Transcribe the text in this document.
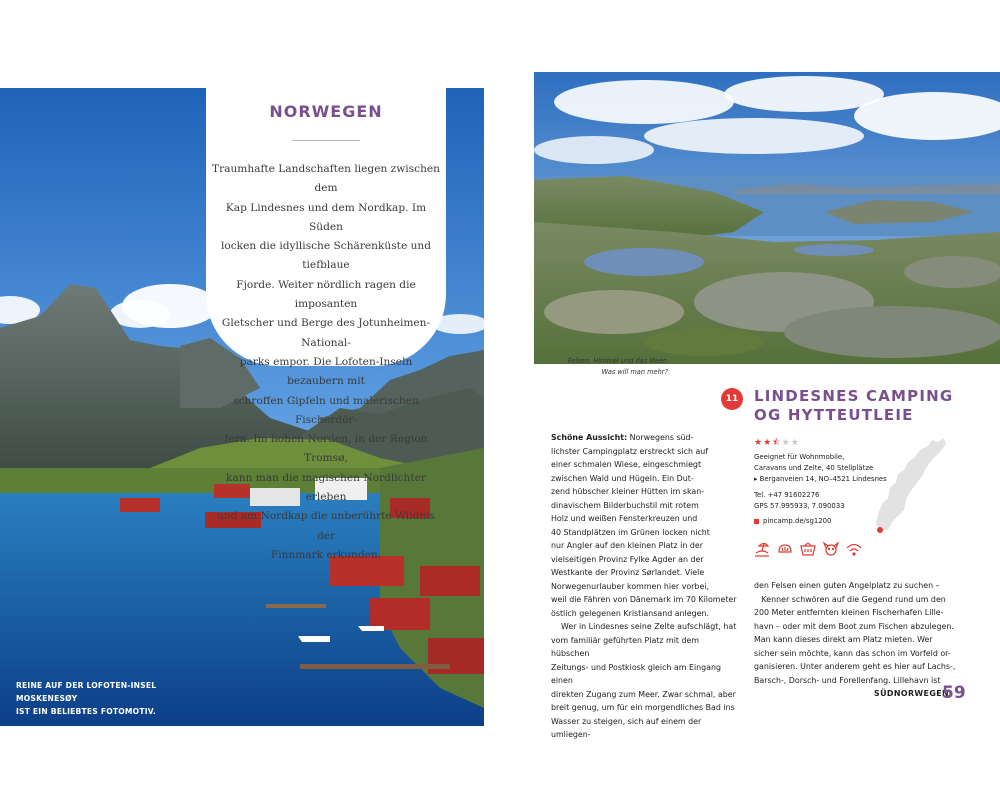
NORWEGEN
Traumhafte Landschaften liegen zwischen dem
Kap Lindesnes und dem Nordkap. Im Süden
locken die idyllische Schärenküste und tiefblaue
Fjorde. Weiter nördlich ragen die imposanten
Gletscher und Berge des Jotunheimen-National-
parks empor. Die Lofoten-Inseln bezaubern mit
schroffen Gipfeln und malerischen Fischerdör-
fern. Im hohen Norden, in der Region Tromsø,
kann man die magischen Nordlichter erleben
und am Nordkap die unberührte Wildnis der
Finnmark erkunden.
REINE AUF DER LOFOTEN-INSEL MOSKENESØY
IST EIN BELIEBTES FOTOMOTIV.
Felsen, Himmel und das Meer:
Was will man mehr?
11	LINDESNES CAMPING
OG HYTTEUTLEIE

Schöne Aussicht: Norwegens süd-

lichster Campingplatz erstreckt sich auf

einer schmalen Wiese, eingeschmiegt

zwischen Wald und Hügeln. Ein Dut-

zend hübscher kleiner Hütten im skan-

dinavischem Bilderbuchstil mit rotem

Holz und weißen Fensterkreuzen und

40 Standplätzen im Grünen locken nicht

nur Angler auf den kleinen Platz in der

vielseitigen Provinz Fylke Agder an der

Westkante der Provinz Sørlandet. Viele

Norwegenurlauber kommen hier vorbei,

weil die Fähren von Dänemark im 70 Kilometer

östlich gelegenen Kristiansand anlegen.

Wer in Lindesnes seine Zelte aufschlägt, hat

vom familiär geführten Platz mit dem hübschen

Zeitungs- und Postkiosk gleich am Eingang einen

direkten Zugang zum Meer. Zwar schmal, aber

breit genug, um für ein morgendliches Bad ins

Wasser zu steigen, sich auf einem der umliegen-

★★⯪★★
Geeignet für Wohnmobile,
Caravans und Zelte, 40 Stellplätze
▸ Berganveien 14, NO–4521 Lindesnes
Tel. +47 91602276
GPS 57.995933, 7.090033
pincamp.de/sg1200

den Felsen einen guten Angelplatz zu suchen –

Kenner schwören auf die Gegend rund um den

200 Meter entfernten kleinen Fischerhafen Lille-

havn – oder mit dem Boot zum Fischen abzulegen.

Man kann dieses direkt am Platz mieten. Wer

sicher sein möchte, kann das schon im Vorfeld or-

ganisieren. Unter anderem geht es hier auf Lachs-,

Barsch-, Dorsch- und Forellenfang. Lillehavn ist

SÜDNORWEGEN
59
